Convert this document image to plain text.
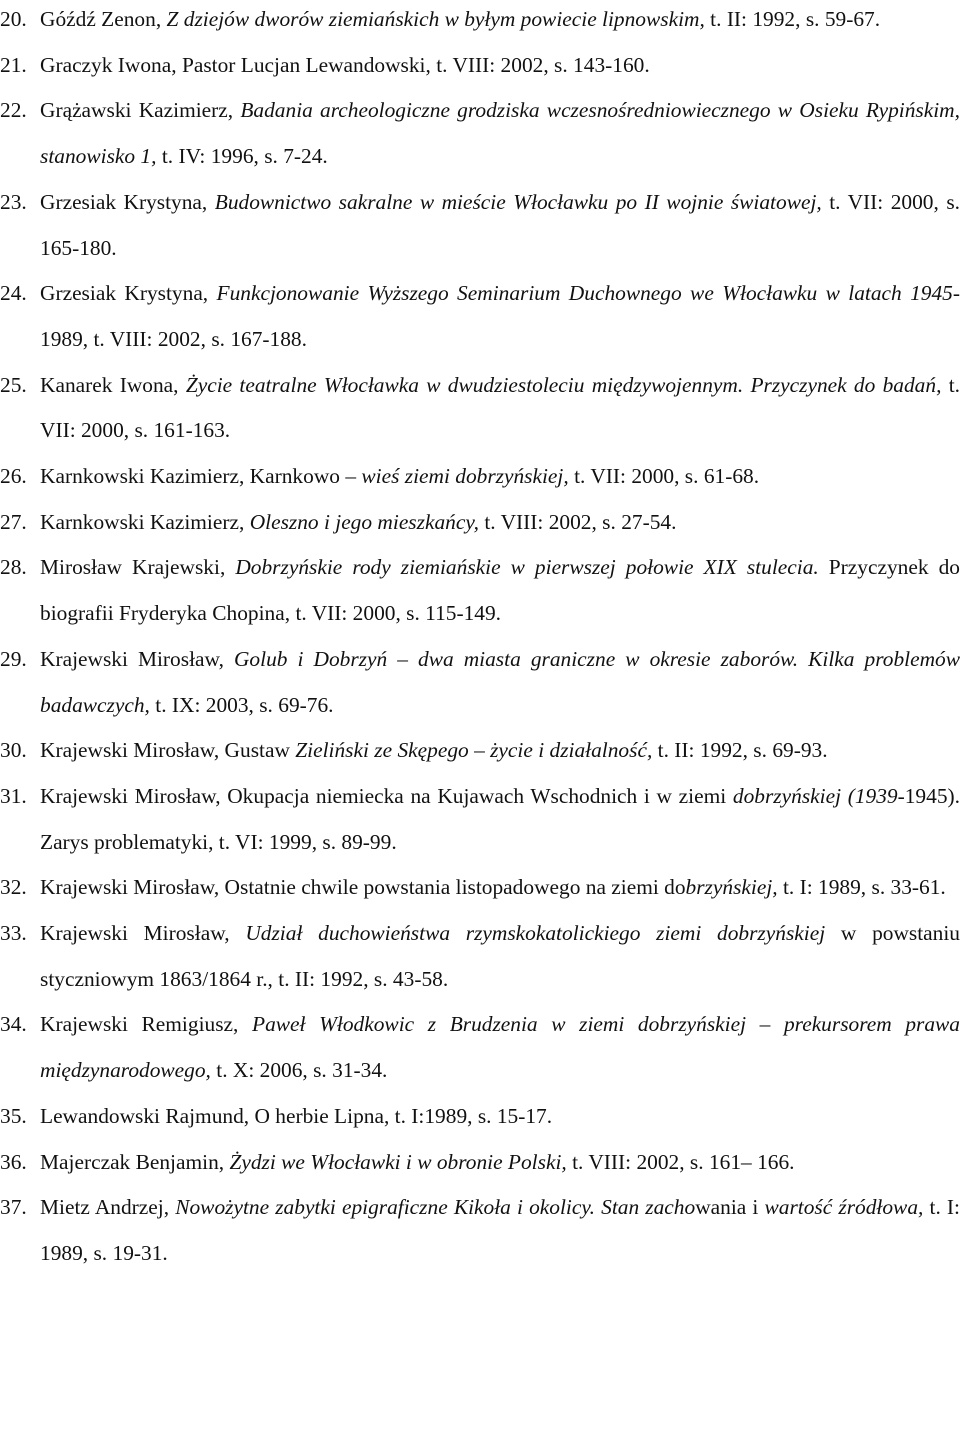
20. Góźdź Zenon, Z dziejów dworów ziemiańskich w byłym powiecie lipnowskim, t. II: 1992, s. 59-67.
21. Graczyk Iwona, Pastor Lucjan Lewandowski, t. VIII: 2002, s. 143-160.
22. Grążawski Kazimierz, Badania archeologiczne grodziska wczesnośredniowiecznego w Osieku Rypińskim, stanowisko 1, t. IV: 1996, s. 7-24.
23. Grzesiak Krystyna, Budownictwo sakralne w mieście Włocławku po II wojnie światowej, t. VII: 2000, s. 165-180.
24. Grzesiak Krystyna, Funkcjonowanie Wyższego Seminarium Duchownego we Włocławku w latach 1945-1989, t. VIII: 2002, s. 167-188.
25. Kanarek Iwona, Życie teatralne Włocławka w dwudziestoleciu międzywojennym. Przyczynek do badań, t. VII: 2000, s. 161-163.
26. Karnkowski Kazimierz, Karnkowo – wieś ziemi dobrzyńskiej, t. VII: 2000, s. 61-68.
27. Karnkowski Kazimierz, Oleszno i jego mieszkańcy, t. VIII: 2002, s. 27-54.
28. Mirosław Krajewski, Dobrzyńskie rody ziemiańskie w pierwszej połowie XIX stulecia. Przyczynek do biografii Fryderyka Chopina, t. VII: 2000, s. 115-149.
29. Krajewski Mirosław, Golub i Dobrzyń – dwa miasta graniczne w okresie zaborów. Kilka problemów badawczych, t. IX: 2003, s. 69-76.
30. Krajewski Mirosław, Gustaw Zieliński ze Skępego – życie i działalność, t. II: 1992, s. 69-93.
31. Krajewski Mirosław, Okupacja niemiecka na Kujawach Wschodnich i w ziemi dobrzyńskiej (1939-1945). Zarys problematyki, t. VI: 1999, s. 89-99.
32. Krajewski Mirosław, Ostatnie chwile powstania listopadowego na ziemi dobrzyńskiej, t. I: 1989, s. 33-61.
33. Krajewski Mirosław, Udział duchowieństwa rzymskokatolickiego ziemi dobrzyńskiej w powstaniu styczniowym 1863/1864 r., t. II: 1992, s. 43-58.
34. Krajewski Remigiusz, Paweł Włodkowic z Brudzenia w ziemi dobrzyńskiej – prekursorem prawa międzynarodowego, t. X: 2006, s. 31-34.
35. Lewandowski Rajmund, O herbie Lipna, t. I:1989, s. 15-17.
36. Majerczak Benjamin, Żydzi we Włocławki i w obronie Polski, t. VIII: 2002, s. 161– 166.
37. Mietz Andrzej, Nowożytne zabytki epigraficzne Kikoła i okolicy. Stan zachowania i wartość źródłowa, t. I: 1989, s. 19-31.
